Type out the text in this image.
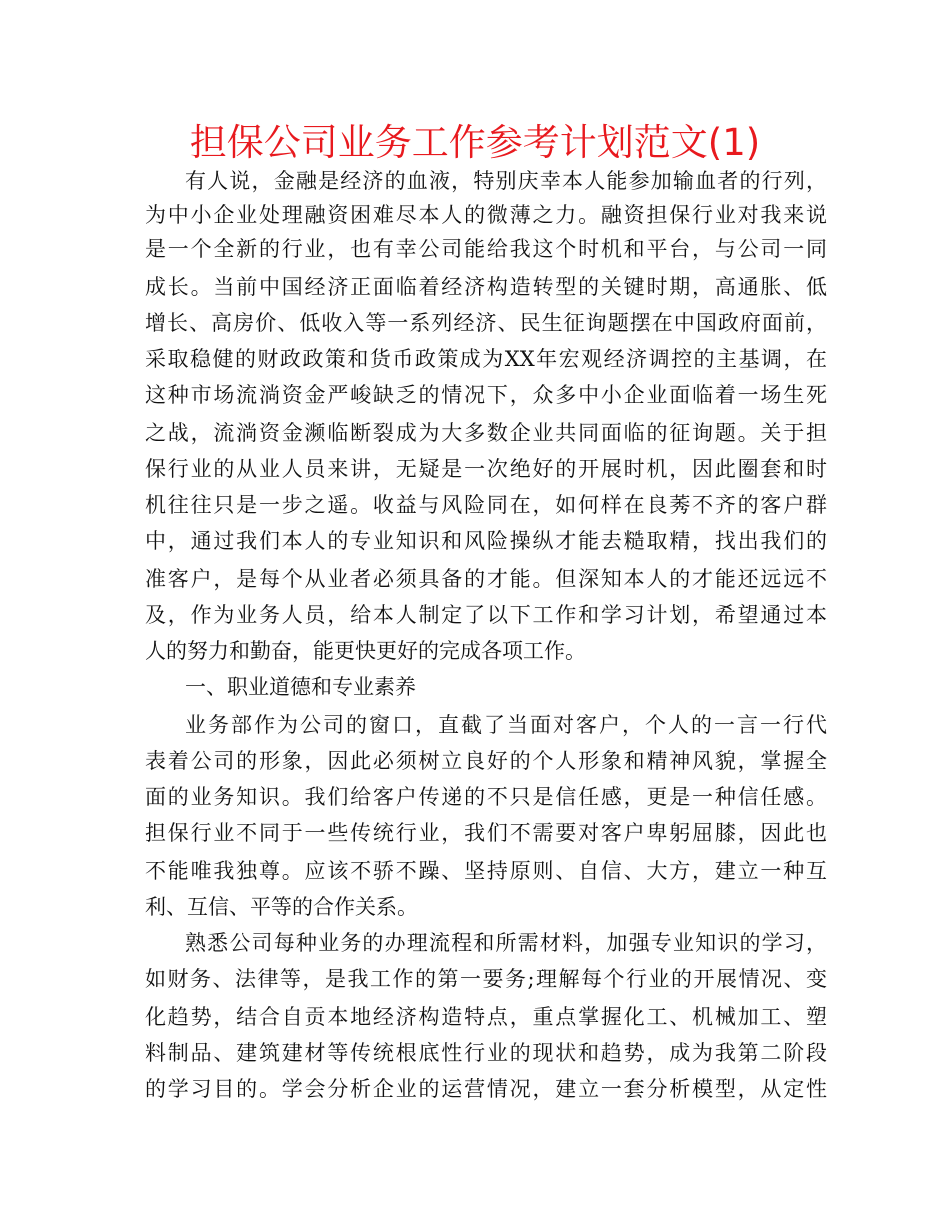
担保公司业务工作参考计划范文(1)
有人说，金融是经济的血液，特别庆幸本人能参加输血者的行列，
为中小企业处理融资困难尽本人的微薄之力。融资担保行业对我来说
是一个全新的行业，也有幸公司能给我这个时机和平台，与公司一同
成长。当前中国经济正面临着经济构造转型的关键时期，高通胀、低
增长、高房价、低收入等一系列经济、民生征询题摆在中国政府面前，
采取稳健的财政政策和货币政策成为XX年宏观经济调控的主基调，在
这种市场流淌资金严峻缺乏的情况下，众多中小企业面临着一场生死
之战，流淌资金濒临断裂成为大多数企业共同面临的征询题。关于担
保行业的从业人员来讲，无疑是一次绝好的开展时机，因此圈套和时
机往往只是一步之遥。收益与风险同在，如何样在良莠不齐的客户群
中，通过我们本人的专业知识和风险操纵才能去糙取精，找出我们的
准客户，是每个从业者必须具备的才能。但深知本人的才能还远远不
及，作为业务人员，给本人制定了以下工作和学习计划，希望通过本
人的努力和勤奋，能更快更好的完成各项工作。
一、职业道德和专业素养
业务部作为公司的窗口，直截了当面对客户，个人的一言一行代
表着公司的形象，因此必须树立良好的个人形象和精神风貌，掌握全
面的业务知识。我们给客户传递的不只是信任感，更是一种信任感。
担保行业不同于一些传统行业，我们不需要对客户卑躬屈膝，因此也
不能唯我独尊。应该不骄不躁、坚持原则、自信、大方，建立一种互
利、互信、平等的合作关系。
熟悉公司每种业务的办理流程和所需材料，加强专业知识的学习，
如财务、法律等，是我工作的第一要务;理解每个行业的开展情况、变
化趋势，结合自贡本地经济构造特点，重点掌握化工、机械加工、塑
料制品、建筑建材等传统根底性行业的现状和趋势，成为我第二阶段
的学习目的。学会分析企业的运营情况，建立一套分析模型，从定性
